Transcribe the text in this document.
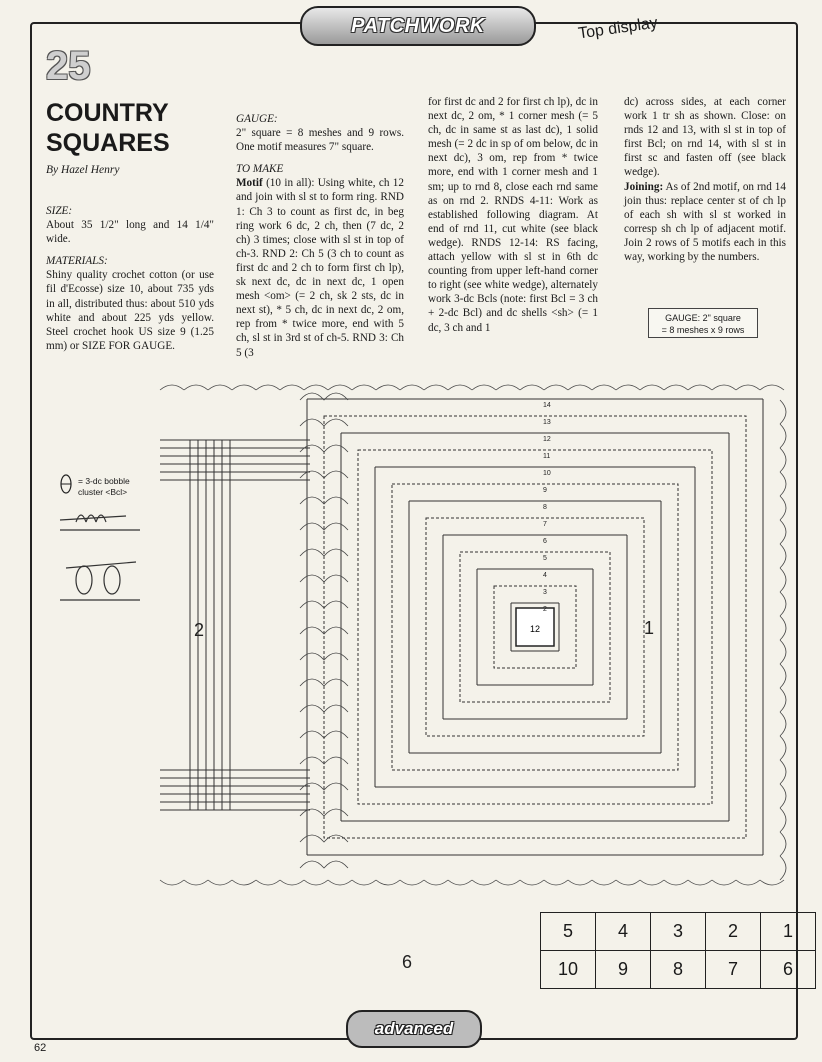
PATCHWORK	Top display
25
COUNTRY
SQUARES
By Hazel Henry

SIZE:

About 35 1/2" long and 14 1/4" wide.

MATERIALS:

Shiny quality crochet cotton (or use fil d'Ecosse) size 10, about 735 yds in all, distributed thus: about 510 yds white and about 225 yds yellow. Steel crochet hook US size 9 (1.25 mm) or SIZE FOR GAUGE.

GAUGE:

2" square = 8 meshes and 9 rows. One motif measures 7" square.

TO MAKE

Motif (10 in all): Using white, ch 12 and join with sl st to form ring. RND 1: Ch 3 to count as first dc, in beg ring work 6 dc, 2 ch, then (7 dc, 2 ch) 3 times; close with sl st in top of ch-3. RND 2: Ch 5 (3 ch to count as first dc and 2 ch to form first ch lp), sk next dc, dc in next dc, 1 open mesh <om> (= 2 ch, sk 2 sts, dc in next st), * 5 ch, dc in next dc, 2 om, rep from * twice more, end with 5 ch, sl st in 3rd st of ch-5. RND 3: Ch 5 (3

for first dc and 2 for first ch lp), dc in next dc, 2 om, * 1 corner mesh (= 5 ch, dc in same st as last dc), 1 solid mesh (= 2 dc in sp of om below, dc in next dc), 3 om, rep from * twice more, end with 1 corner mesh and 1 sm; up to rnd 8, close each rnd same as on rnd 2. RNDS 4-11: Work as established following diagram. At end of rnd 11, cut white (see black wedge). RNDS 12-14: RS facing, attach yellow with sl st in 6th dc counting from upper left-hand corner to right (see white wedge), alternately work 3-dc Bcls (note: first Bcl = 3 ch + 2-dc Bcl) and dc shells <sh> (= 1 dc, 3 ch and 1

dc) across sides, at each corner work 1 tr sh as shown. Close: on rnds 12 and 13, with sl st in top of first Bcl; on rnd 14, with sl st in first sc and fasten off (see black wedge).

Joining: As of 2nd motif, on rnd 14 join thus: replace center st of ch lp of each sh with sl st worked in corresp sh ch lp of adjacent motif. Join 2 rows of 5 motifs each in this way, working by the numbers.

GAUGE: 2" square
= 8 meshes x 9 rows
= 3-dc bobble
cluster <Bcl>
12	1
2
6
14
13
12
11
10
9
8
7
6
5
4
3
2
5	4	3	2	1
10	9	8	7	6
advanced
62
